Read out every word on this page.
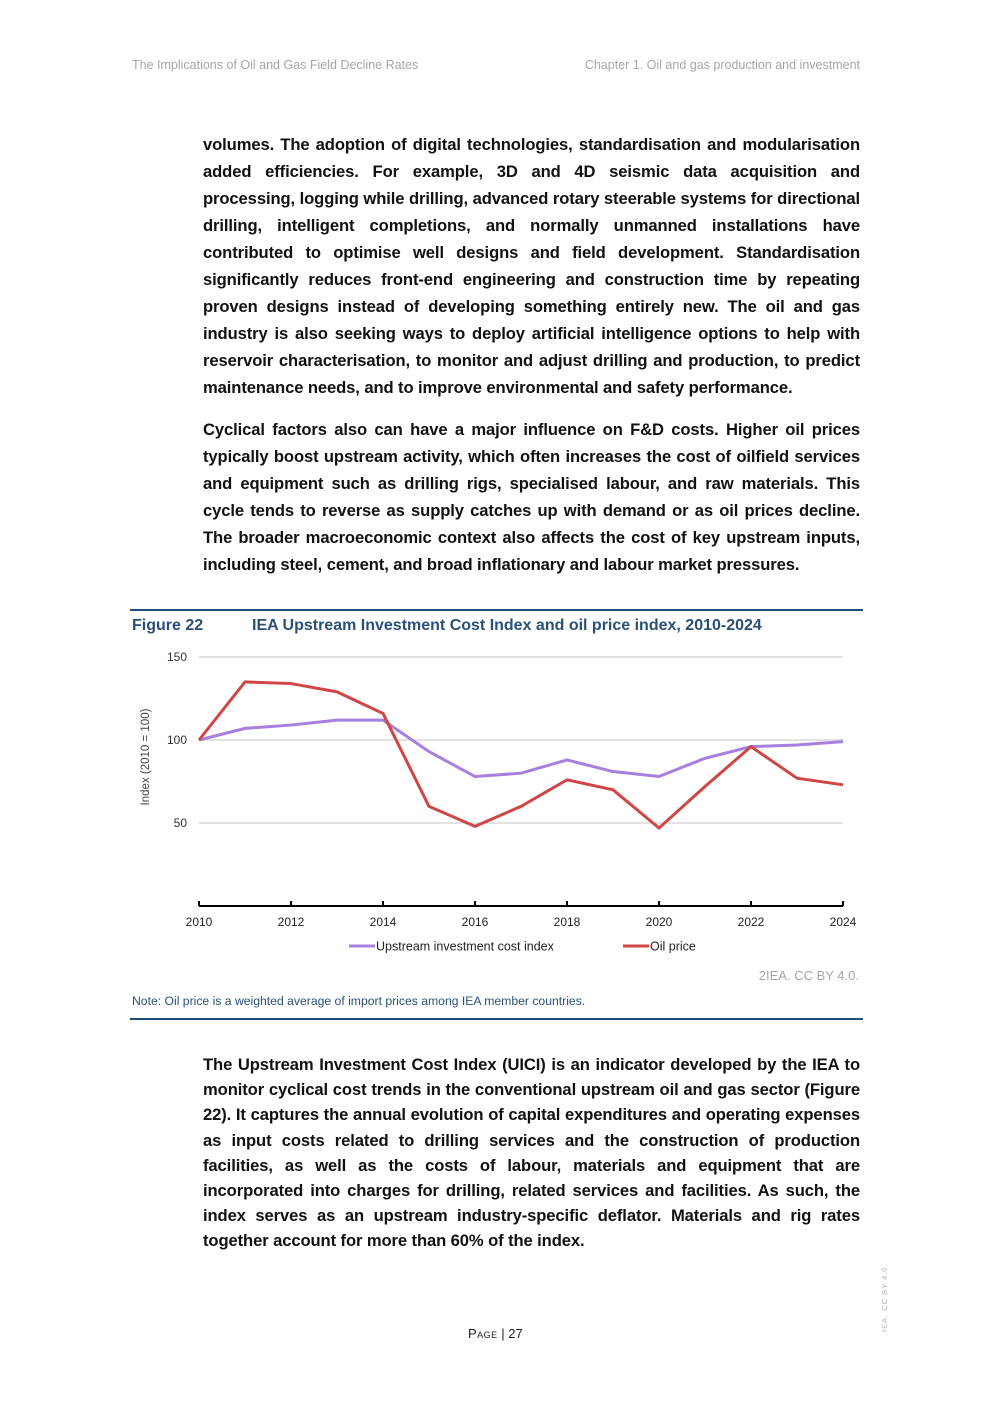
The Implications of Oil and Gas Field Decline Rates	Chapter 1. Oil and gas production and investment

volumes. The adoption of digital technologies, standardisation and modularisation added efficiencies. For example, 3D and 4D seismic data acquisition and processing, logging while drilling, advanced rotary steerable systems for directional drilling, intelligent completions, and normally unmanned installations have contributed to optimise well designs and field development. Standardisation significantly reduces front-end engineering and construction time by repeating proven designs instead of developing something entirely new. The oil and gas industry is also seeking ways to deploy artificial intelligence options to help with reservoir characterisation, to monitor and adjust drilling and production, to predict maintenance needs, and to improve environmental and safety performance.

Cyclical factors also can have a major influence on F&D costs. Higher oil prices typically boost upstream activity, which often increases the cost of oilfield services and equipment such as drilling rigs, specialised labour, and raw materials. This cycle tends to reverse as supply catches up with demand or as oil prices decline. The broader macroeconomic context also affects the cost of key upstream inputs, including steel, cement, and broad inflationary and labour market pressures.

Figure 22	IEA Upstream Investment Cost Index and oil price index, 2010-2024
50
100
150
Index (2010 = 100)
2010	2012	2014	2016	2018	2020	2022	2024
Upstream investment cost index	Oil price
2IEA. CC BY 4.0.
Note: Oil price is a weighted average of import prices among IEA member countries.

The Upstream Investment Cost Index (UICI) is an indicator developed by the IEA to monitor cyclical cost trends in the conventional upstream oil and gas sector (Figure 22). It captures the annual evolution of capital expenditures and operating expenses as input costs related to drilling services and the construction of production facilities, as well as the costs of labour, materials and equipment that are incorporated into charges for drilling, related services and facilities. As such, the index serves as an upstream industry-specific deflator. Materials and rig rates together account for more than 60% of the index.

Page | 27
IEA. CC BY 4.0.
